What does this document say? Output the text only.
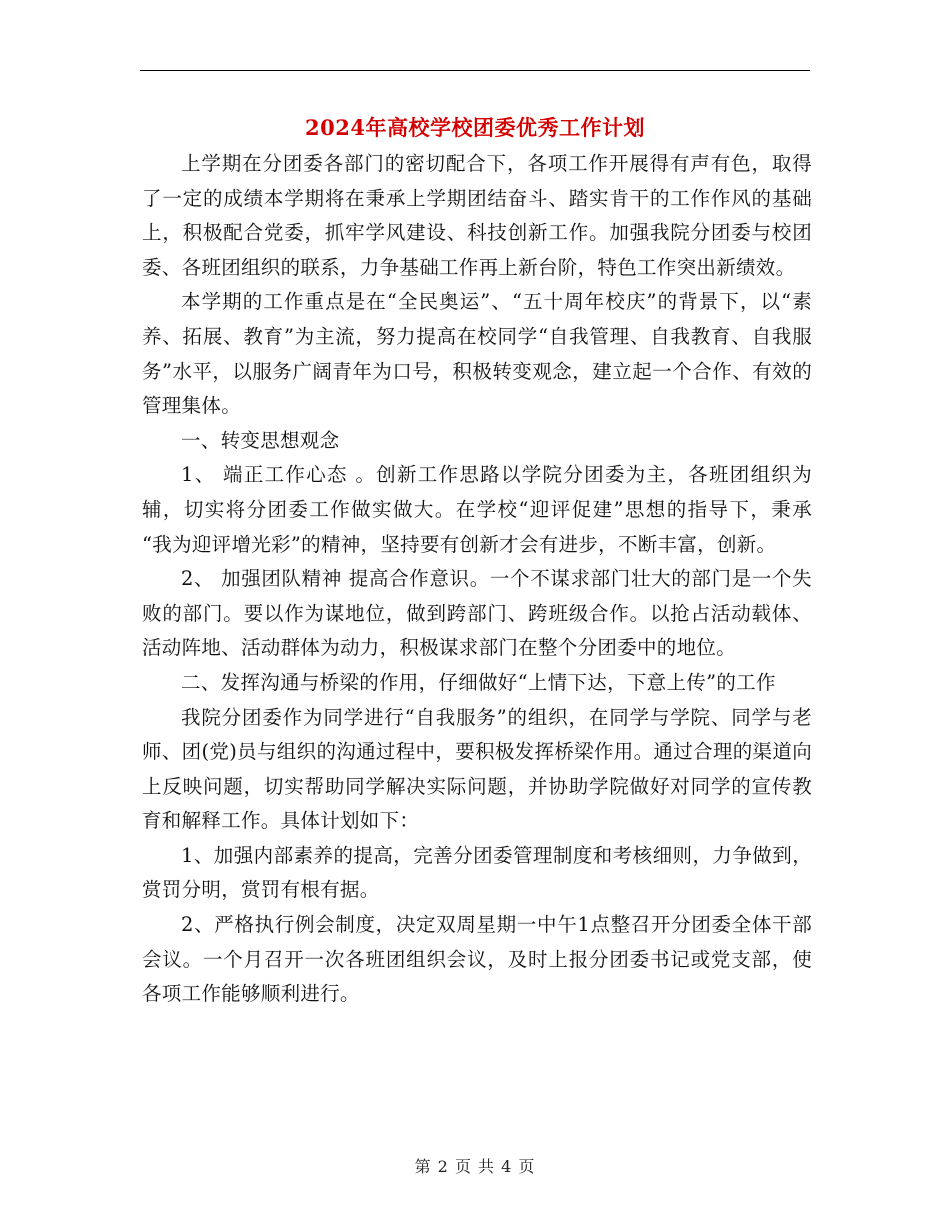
2024年高校学校团委优秀工作计划

上学期在分团委各部门的密切配合下，各项工作开展得有声有色，取得了一定的成绩本学期将在秉承上学期团结奋斗、踏实肯干的工作作风的基础上，积极配合党委，抓牢学风建设、科技创新工作。加强我院分团委与校团委、各班团组织的联系，力争基础工作再上新台阶，特色工作突出新绩效。

本学期的工作重点是在“全民奥运”、“五十周年校庆”的背景下，以“素养、拓展、教育”为主流，努力提高在校同学“自我管理、自我教育、自我服务”水平，以服务广阔青年为口号，积极转变观念，建立起一个合作、有效的管理集体。

一、转变思想观念

1、 端正工作心态 。创新工作思路以学院分团委为主，各班团组织为辅，切实将分团委工作做实做大。在学校“迎评促建”思想的指导下，秉承 “我为迎评增光彩”的精神，坚持要有创新才会有进步，不断丰富，创新。

2、 加强团队精神 提高合作意识。一个不谋求部门壮大的部门是一个失败的部门。要以作为谋地位，做到跨部门、跨班级合作。以抢占活动载体、活动阵地、活动群体为动力，积极谋求部门在整个分团委中的地位。

二、发挥沟通与桥梁的作用，仔细做好“上情下达，下意上传”的工作

我院分团委作为同学进行“自我服务”的组织，在同学与学院、同学与老师、团(党)员与组织的沟通过程中，要积极发挥桥梁作用。通过合理的渠道向上反映问题，切实帮助同学解决实际问题，并协助学院做好对同学的宣传教育和解释工作。具体计划如下：

1、加强内部素养的提高，完善分团委管理制度和考核细则，力争做到，赏罚分明，赏罚有根有据。

2、严格执行例会制度，决定双周星期一中午1点整召开分团委全体干部会议。一个月召开一次各班团组织会议，及时上报分团委书记或党支部，使各项工作能够顺利进行。

第 2 页 共 4 页
